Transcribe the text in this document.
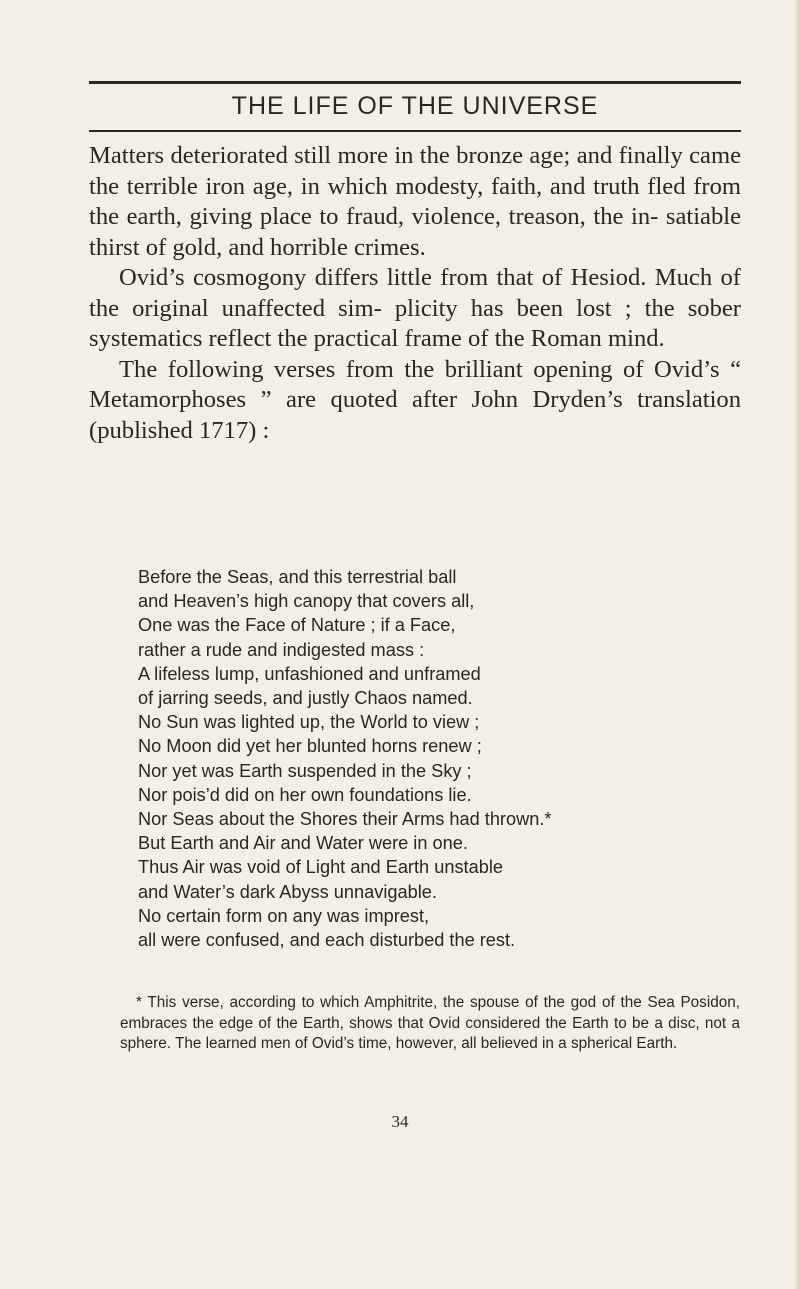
THE LIFE OF THE UNIVERSE

Matters deteriorated still more in the bronze age; and finally came the terrible iron age, in which modesty, faith, and truth fled from the earth, giving place to fraud, violence, treason, the in- satiable thirst of gold, and horrible crimes.

Ovid’s cosmogony differs little from that of Hesiod. Much of the original unaffected sim- plicity has been lost ; the sober systematics reflect the practical frame of the Roman mind.

The following verses from the brilliant opening of Ovid’s “ Metamorphoses ” are quoted after John Dryden’s translation (published 1717) :

Before the Seas, and this terrestrial ball
and Heaven’s high canopy that covers all,
One was the Face of Nature ; if a Face,
rather a rude and indigested mass :
A lifeless lump, unfashioned and unframed
of jarring seeds, and justly Chaos named.
No Sun was lighted up, the World to view ;
No Moon did yet her blunted horns renew ;
Nor yet was Earth suspended in the Sky ;
Nor pois’d did on her own foundations lie.
Nor Seas about the Shores their Arms had thrown.*
But Earth and Air and Water were in one.
Thus Air was void of Light and Earth unstable
and Water’s dark Abyss unnavigable.
No certain form on any was imprest,
all were confused, and each disturbed the rest.
* This verse, according to which Amphitrite, the spouse of the god of the Sea Posidon, embraces the edge of the Earth, shows that Ovid considered the Earth to be a disc, not a sphere. The learned men of Ovid’s time, however, all believed in a spherical Earth.
34
